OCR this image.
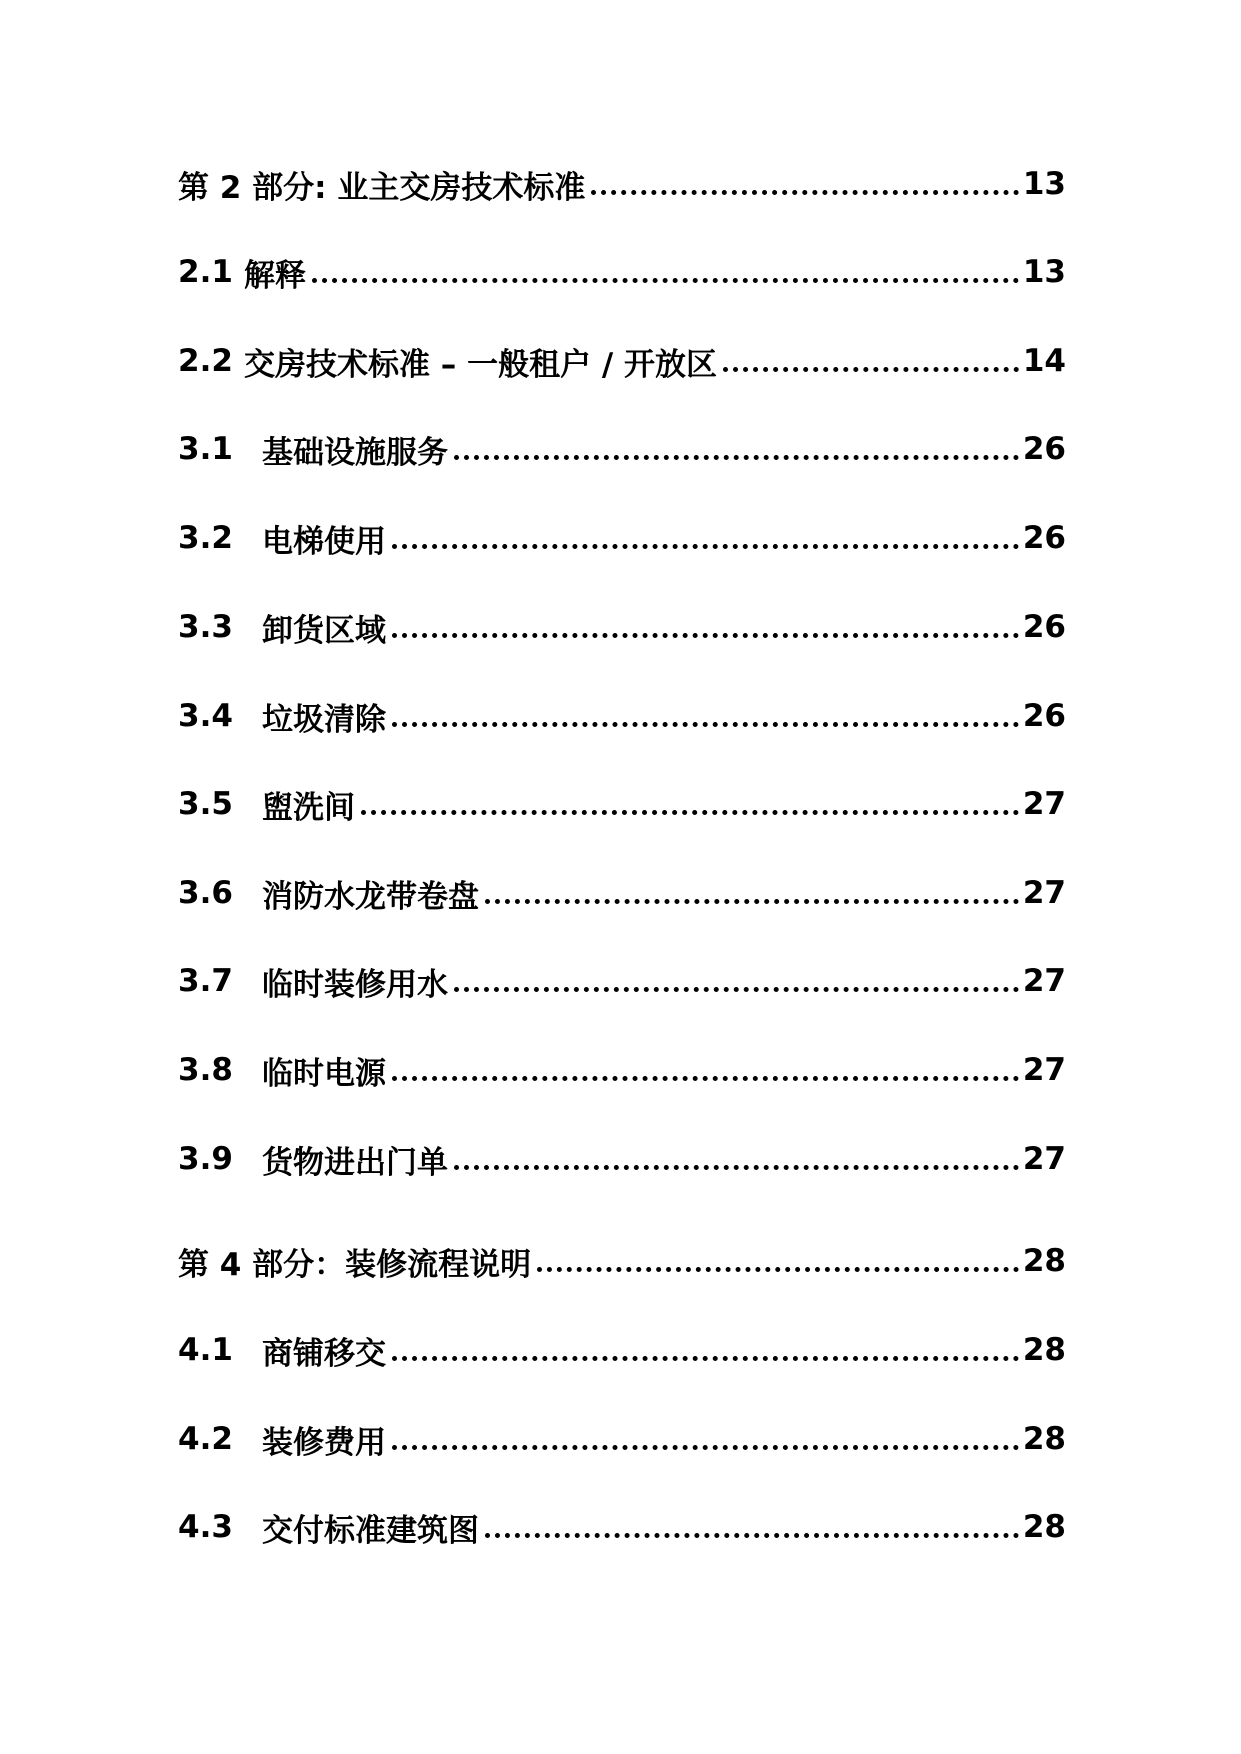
第 2 部分: 业主交房技术标准	13
2.1 解释	13
2.2 交房技术标准 – 一般租户 / 开放区	14
3.1 基础设施服务	26
3.2 电梯使用	26
3.3 卸货区域	26
3.4 垃圾清除	26
3.5 盥洗间	27
3.6 消防水龙带卷盘	27
3.7 临时装修用水	27
3.8 临时电源	27
3.9 货物进出门单	27
第 4 部分：装修流程说明	28
4.1 商铺移交	28
4.2 装修费用	28
4.3 交付标准建筑图	28
